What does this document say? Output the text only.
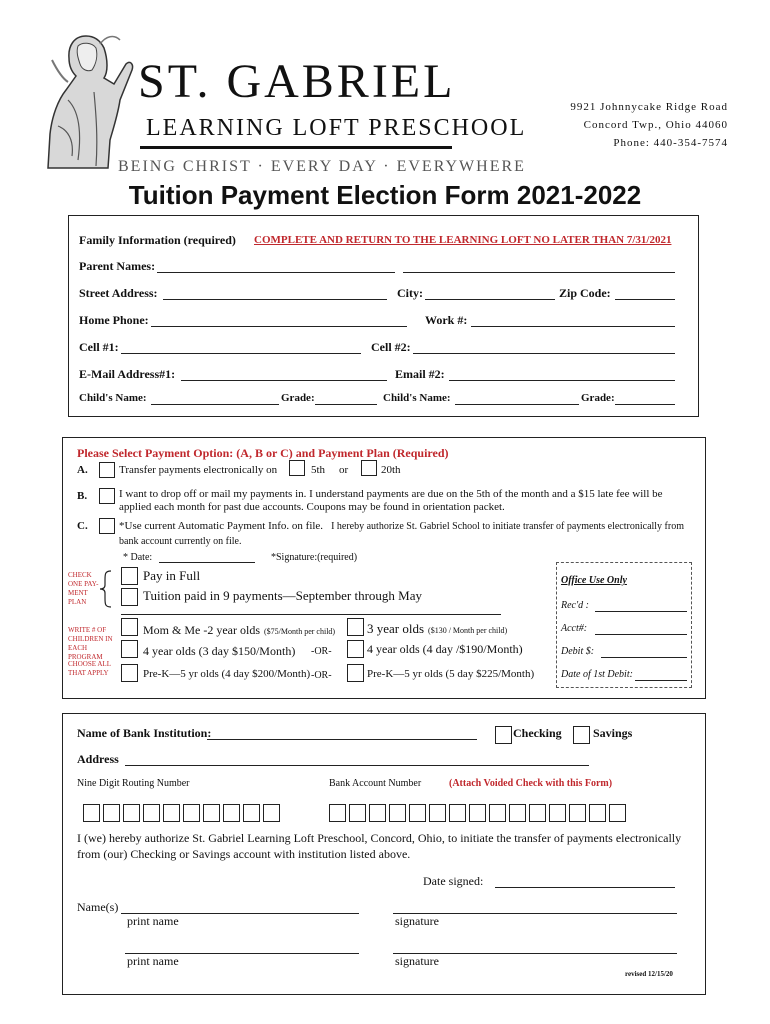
ST. GABRIEL
LEARNING LOFT PRESCHOOL
BEING CHRIST · EVERY DAY · EVERYWHERE
9921 Johnnycake Ridge Road
Concord Twp., Ohio 44060
Phone: 440-354-7574
Tuition Payment Election Form 2021-2022
Family Information (required) COMPLETE AND RETURN TO THE LEARNING LOFT NO LATER THAN 7/31/2021
Parent Names:
Street Address:	City:	Zip Code:
Home Phone:	Work #:
Cell #1:	Cell #2:
E-Mail Address#1:	Email #2:
Child's Name:	Grade:	Child's Name:	Grade:
Please Select Payment Option: (A, B or C) and Payment Plan (Required)
A.	Transfer payments electronically on	5th or	20th
B.	I want to drop off or mail my payments in. I understand payments are due on the 5th of the month and a $15 late fee will be applied each month for past due accounts. Coupons may be found in orientation packet.
C.	*Use current Automatic Payment Info. on file. I hereby authorize St. Gabriel School to initiate transfer of payments electronically from bank account currently on file.
* Date:	*Signature:(required)
CHECK ONE PAY-MENT PLAN
Pay in Full
Tuition paid in 9 payments—September through May
WRITE # OF CHILDREN IN EACH PROGRAM
CHOOSE ALL THAT APPLY
Mom & Me -2 year olds ($75/Month per child) 3 year olds ($130 / Month per child)
4 year olds (3 day $150/Month) -OR-	4 year olds (4 day /$190/Month)
Pre-K—5 yr olds (4 day $200/Month) -OR-	Pre-K—5 yr olds (5 day $225/Month)
Office Use Only
Rec'd :
Acct#:
Debit $:
Date of 1st Debit:
Name of Bank Institution:	Checking	Savings
Address
Nine Digit Routing Number	Bank Account Number	(Attach Voided Check with this Form)
I (we) hereby authorize St. Gabriel Learning Loft Preschool, Concord, Ohio, to initiate the transfer of payments electronically from (our) Checking or Savings account with institution listed above.
Date signed:
Name(s)
print name	signature
print name	signature
revised 12/15/20
